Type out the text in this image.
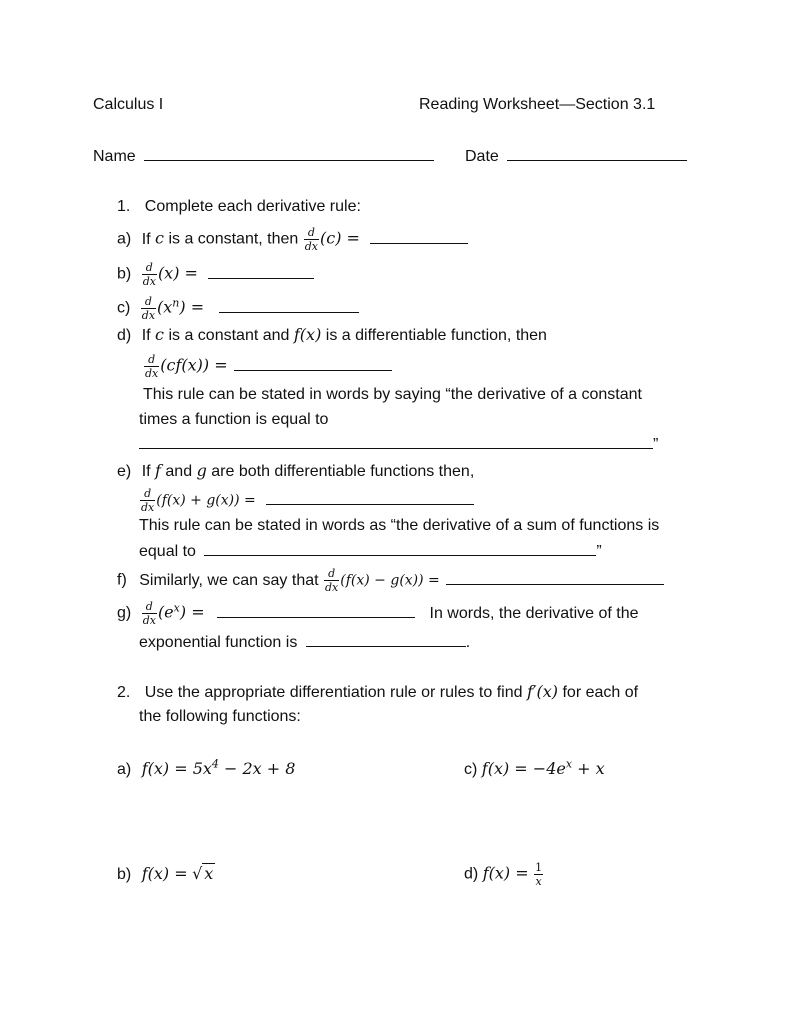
Calculus I	Reading Worksheet—Section 3.1
Name	Date
1. Complete each derivative rule:
a) If c is a constant, then $\frac{d}{dx} (c)$ =
$b) \frac{d}{dx} (x)$ =
$c) \frac{d}{dx} (x^n)$ =
d) If c is a constant and f(x) is a differentiable function, then
$\frac{d}{dx} (cf(x))$ =
This rule can be stated in words by saying “the derivative of a constant
times a function is equal to
”
e) If f and g are both differentiable functions then,
$\frac{d}{dx} (f(x) + g(x))$ =
This rule can be stated in words as “the derivative of a sum of functions is
equal to	”
f) Similarly, we can say that $\frac{d}{dx} (f(x) - g(x))$ =
$g) \frac{d}{dx} (e^x)$ =	In words, the derivative of the
exponential function is	.
2. Use the appropriate differentiation rule or rules to find f′(x) for each of
the following functions:
a) $f(x) = 5x^4 - 2x + 8$	c) $f(x) = -4e^x + x$
b) f(x) = √ x	d) $f(x) = \frac{1}{x}$
